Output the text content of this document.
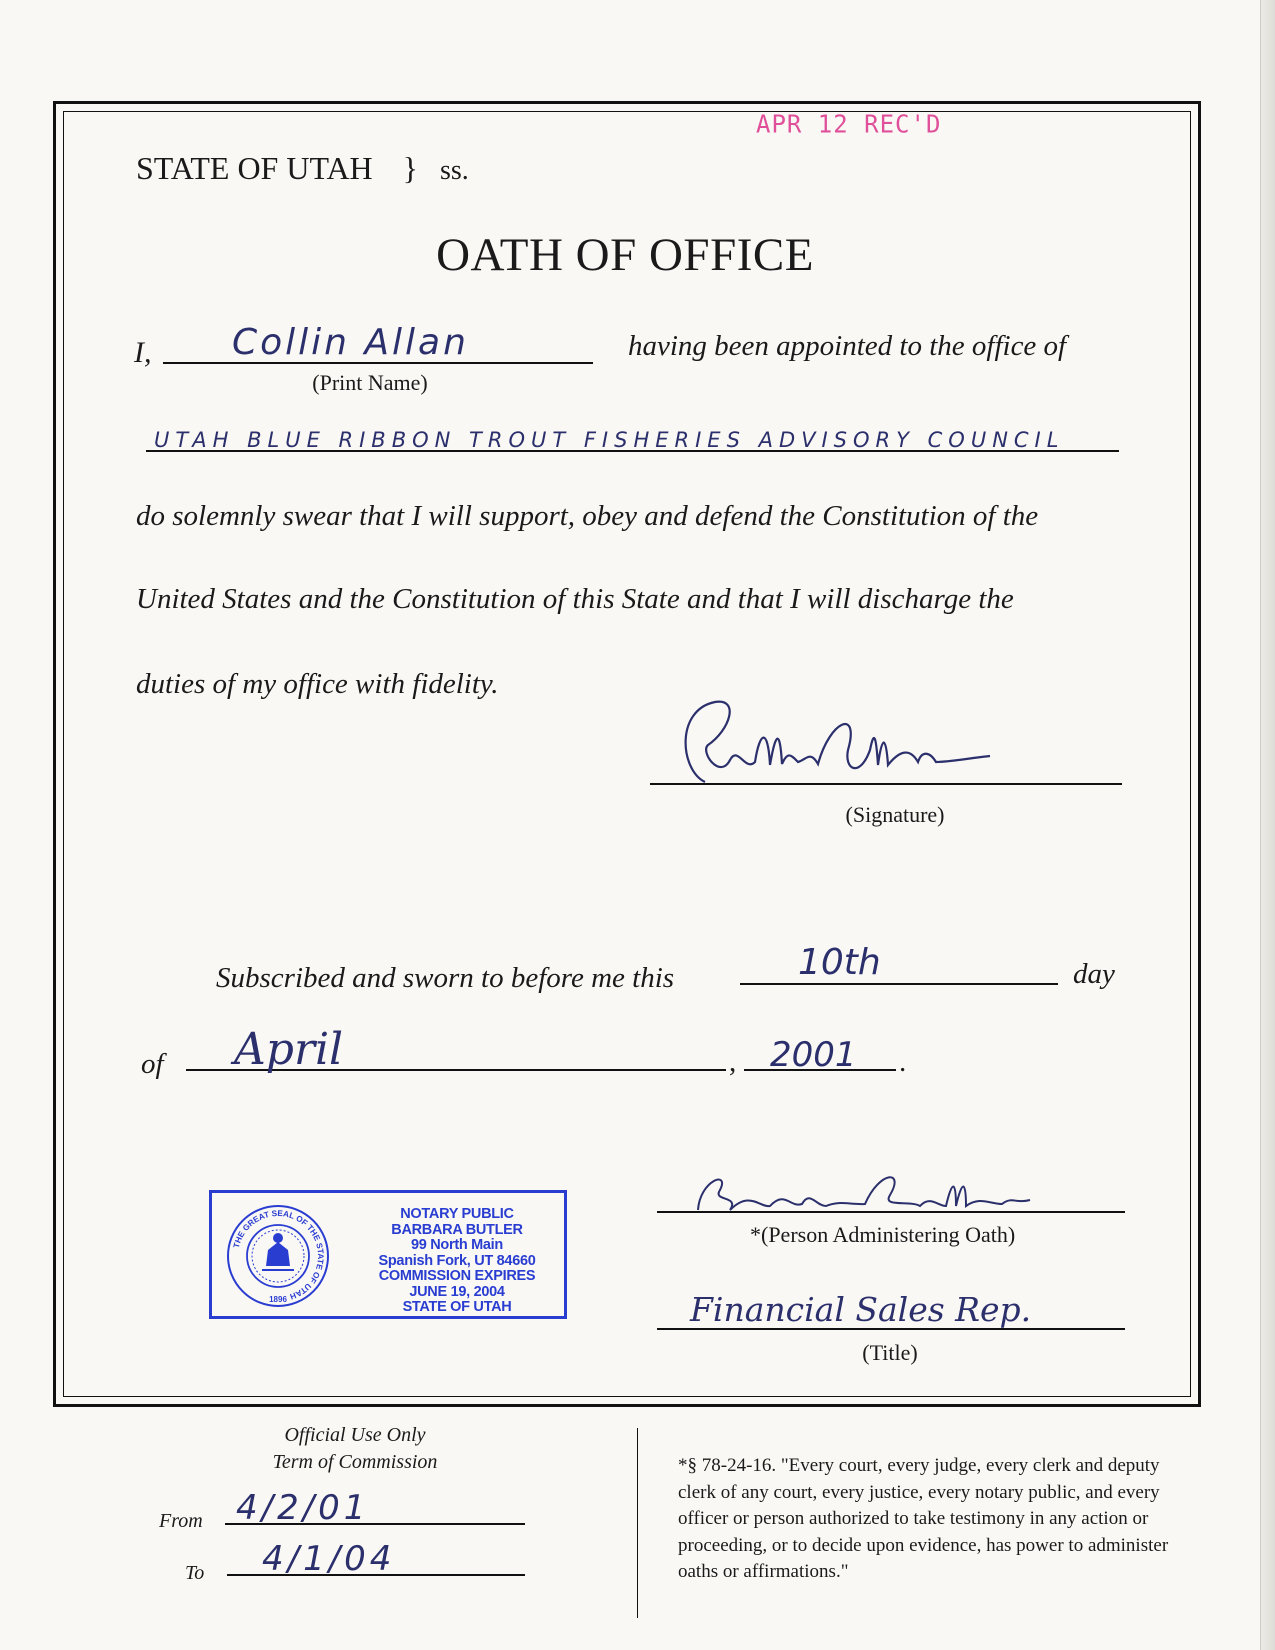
APR 12 REC'D
STATE OF UTAH } ss.
OATH OF OFFICE
I, Collin Allan
(Print Name)
having been appointed to the office of
UTAH BLUE RIBBON TROUT FISHERIES ADVISORY COUNCIL
do solemnly swear that I will support, obey and defend the Constitution of the
United States and the Constitution of this State and that I will discharge the
duties of my office with fidelity.
(Signature)
Subscribed and sworn to before me this	10th	day
of April	, 2001 .
THE GREAT SEAL OF THE STATE OF UTAH
1896
NOTARY PUBLIC
BARBARA BUTLER
99 North Main
Spanish Fork, UT 84660
COMMISSION EXPIRES
JUNE 19, 2004
STATE OF UTAH
*(Person Administering Oath)
Financial Sales Rep.
(Title)
Official Use Only
Term of Commission
From 4/2/01
To 4/1/04
*§ 78-24-16. "Every court, every judge, every clerk and deputy clerk of any court, every justice, every notary public, and every officer or person authorized to take testimony in any action or proceeding, or to decide upon evidence, has power to administer oaths or affirmations."
